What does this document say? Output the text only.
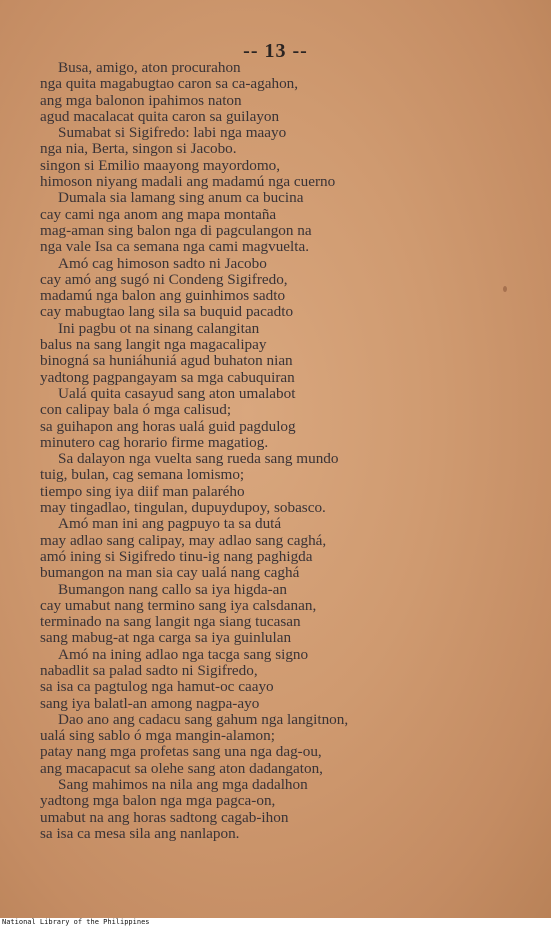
-- 13 --
Busa, amigo, aton procurahon
nga quita magabugtao caron sa ca-agahon,
ang mga balonon ipahimos naton
agud macalacat quita caron sa guilayon
Sumabat si Sigifredo: labi nga maayo
nga nia, Berta, singon si Jacobo.
singon si Emilio maayong mayordomo,
himoson niyang madali ang madamú nga cuerno
Dumala sia lamang sing anum ca bucina
cay cami nga anom ang mapa montaña
mag-aman sing balon nga di pagculangon na
nga vale Isa ca semana nga cami magvuelta.
Amó cag himoson sadto ni Jacobo
cay amó ang sugó ni Condeng Sigifredo,
madamú nga balon ang guinhimos sadto
cay mabugtao lang sila sa buquid pacadto
Ini pagbu ot na sinang calangitan
balus na sang langit nga magacalipay
binogná sa huniáhuniá agud buhaton nian
yadtong pagpangayam sa mga cabuquiran
Ualá quita casayud sang aton umalabot
con calipay bala ó mga calisud;
sa guihapon ang horas ualá guid pagdulog
minutero cag horario firme magatiog.
Sa dalayon nga vuelta sang rueda sang mundo
tuig, bulan, cag semana lomismo;
tiempo sing iya diif man palarého
may tingadlao, tingulan, dupuydupoy, sobasco.
Amó man ini ang pagpuyo ta sa dutá
may adlao sang calipay, may adlao sang caghá,
amó ining si Sigifredo tinu-ig nang paghigda
bumangon na man sia cay ualá nang caghá
Bumangon nang callo sa iya higda-an
cay umabut nang termino sang iya calsdanan,
terminado na sang langit nga siang tucasan
sang mabug-at nga carga sa iya guinlulan
Amó na ining adlao nga tacga sang signo
nabadlit sa palad sadto ni Sigifredo,
sa isa ca pagtulog nga hamut-oc caayo
sang iya balatl-an among nagpa-ayo
Dao ano ang cadacu sang gahum nga langitnon,
ualá sing sablo ó mga mangin-alamon;
patay nang mga profetas sang una nga dag-ou,
ang macapacut sa olehe sang aton dadangaton,
Sang mahimos na nila ang mga dadalhon
yadtong mga balon nga mga pagca-on,
umabut na ang horas sadtong cagab-ihon
sa isa ca mesa sila ang nanlapon.
National Library of the Philippines
